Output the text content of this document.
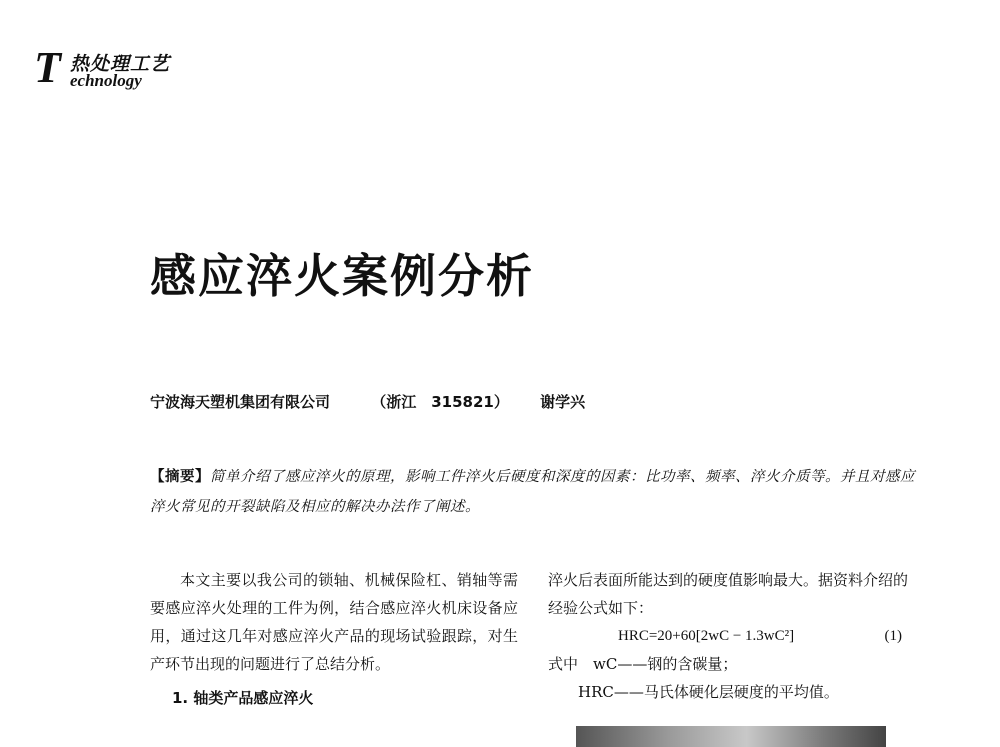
T 热处理工艺
echnology
感应淬火案例分析
宁波海天塑机集团有限公司	（浙江　315821） 谢学兴
【摘要】简单介绍了感应淬火的原理，影响工件淬火后硬度和深度的因素：比功率、频率、淬火介质等。并且对感应淬火常见的开裂缺陷及相应的解决办法作了阐述。

本文主要以我公司的锁轴、机械保险杠、销轴等需要感应淬火处理的工件为例，结合感应淬火机床设备应用，通过这几年对感应淬火产品的现场试验跟踪，对生产环节出现的问题进行了总结分析。

1. 轴类产品感应淬火

淬火后表面所能达到的硬度值影响最大。据资料介绍的经验公式如下：

HRC=20+60[2wC − 1.3wC²]	(1)

式中　wC——钢的含碳量；

HRC——马氏体硬化层硬度的平均值。
